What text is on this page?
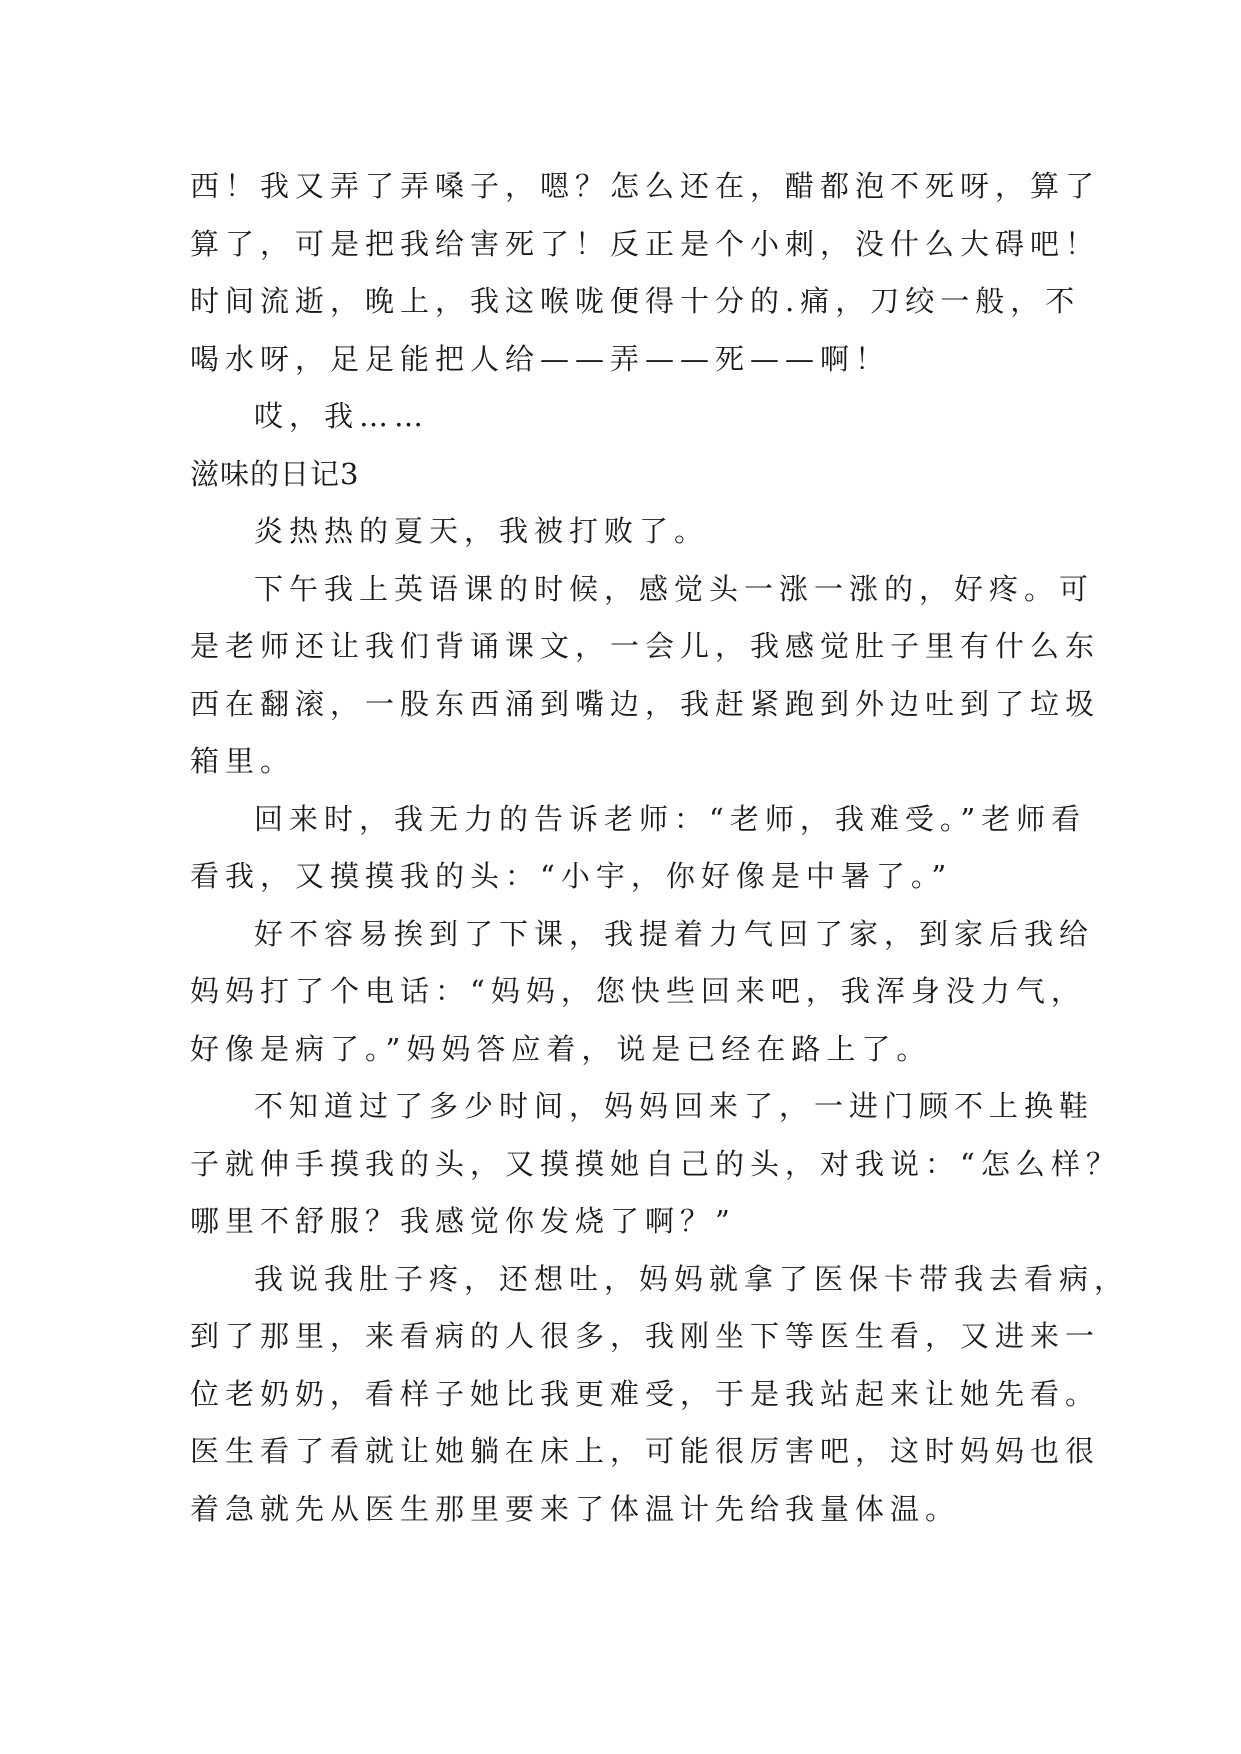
西！我又弄了弄嗓子，嗯？怎么还在，醋都泡不死呀，算了
算了，可是把我给害死了！反正是个小刺，没什么大碍吧！
时间流逝，晚上，我这喉咙便得十分的.痛，刀绞一般，不
喝水呀，足足能把人给——弄——死——啊！
哎，我……
滋味的日记3
炎热热的夏天，我被打败了。
下午我上英语课的时候，感觉头一涨一涨的，好疼。可
是老师还让我们背诵课文，一会儿，我感觉肚子里有什么东
西在翻滚，一股东西涌到嘴边，我赶紧跑到外边吐到了垃圾
箱里。
回来时，我无力的告诉老师：“老师，我难受。”老师看
看我，又摸摸我的头：“小宇，你好像是中暑了。”
好不容易挨到了下课，我提着力气回了家，到家后我给
妈妈打了个电话：“妈妈，您快些回来吧，我浑身没力气，
好像是病了。”妈妈答应着，说是已经在路上了。
不知道过了多少时间，妈妈回来了，一进门顾不上换鞋
子就伸手摸我的头，又摸摸她自己的头，对我说：“怎么样？
哪里不舒服？我感觉你发烧了啊？”
我说我肚子疼，还想吐，妈妈就拿了医保卡带我去看病，
到了那里，来看病的人很多，我刚坐下等医生看，又进来一
位老奶奶，看样子她比我更难受，于是我站起来让她先看。
医生看了看就让她躺在床上，可能很厉害吧，这时妈妈也很
着急就先从医生那里要来了体温计先给我量体温。
